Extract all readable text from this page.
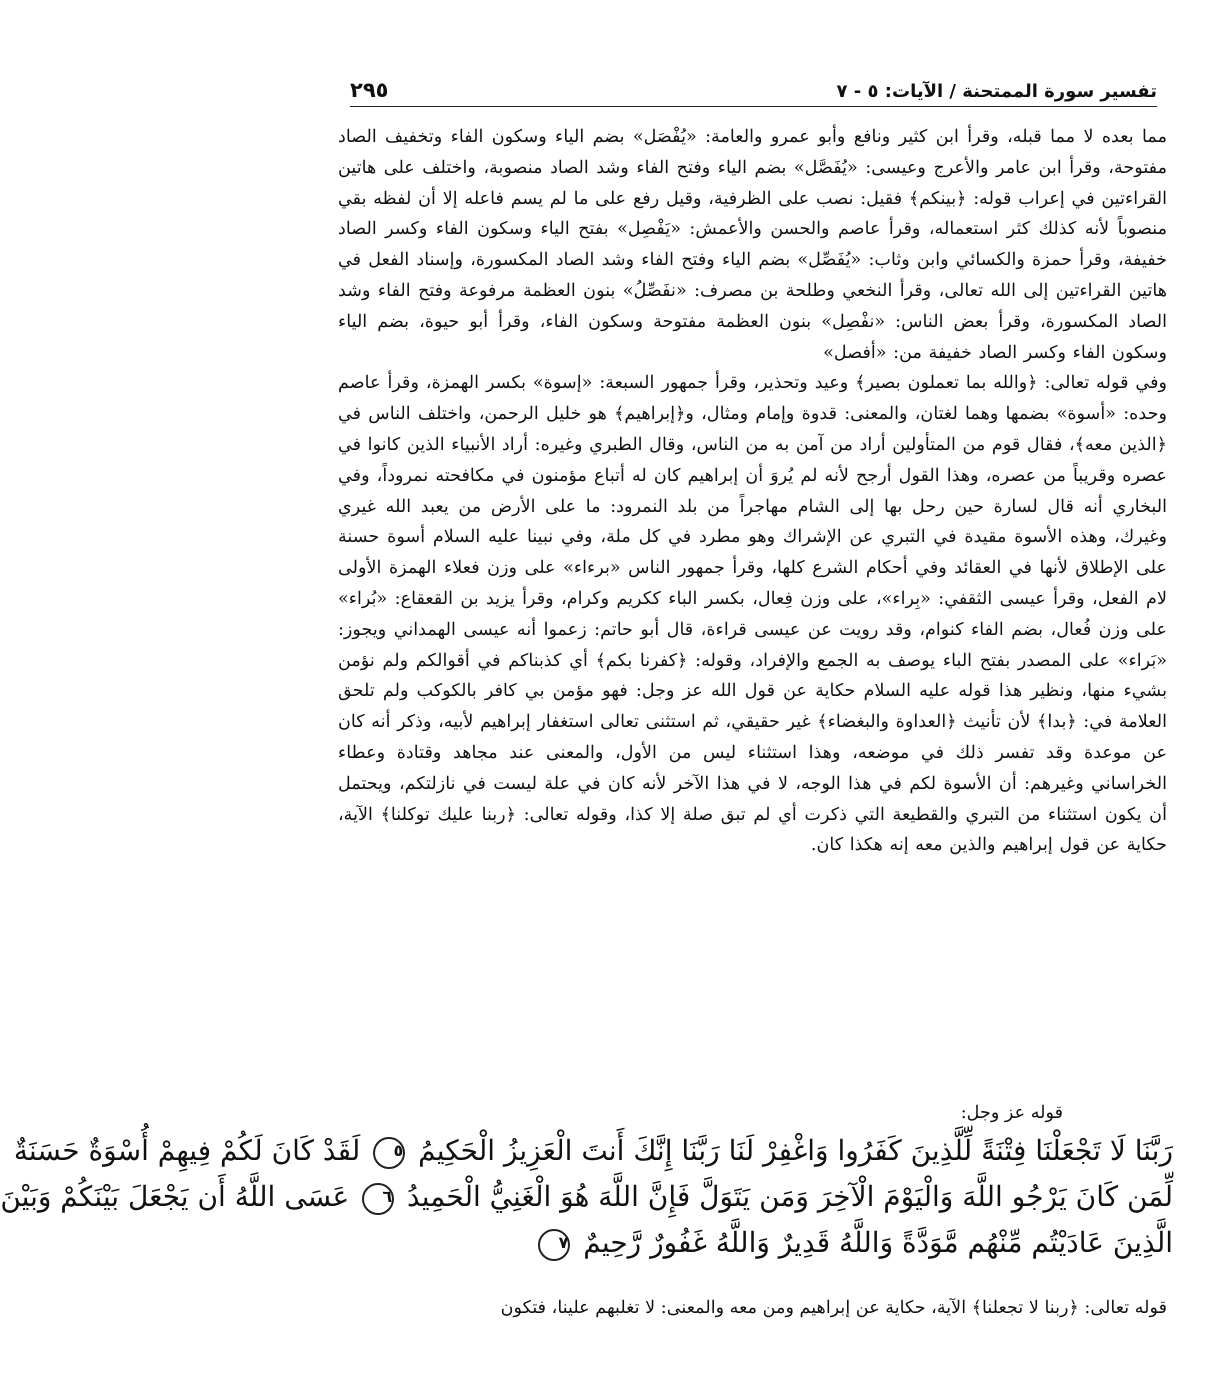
تفسير سورة الممتحنة / الآيات: ٥ - ٧
٢٩٥

مما بعده لا مما قبله، وقرأ ابن كثير ونافع وأبو عمرو والعامة: «يُفْصَل» بضم الياء وسكون الفاء وتخفيف الصاد مفتوحة، وقرأ ابن عامر والأعرج وعيسى: «يُفَصَّل» بضم الياء وفتح الفاء وشد الصاد منصوبة، واختلف على هاتين القراءتين في إعراب قوله: ﴿بينكم﴾ فقيل: نصب على الظرفية، وقيل رفع على ما لم يسم فاعله إلا أن لفظه بقي منصوباً لأنه كذلك كثر استعماله، وقرأ عاصم والحسن والأعمش: «يَفْصِل» بفتح الياء وسكون الفاء وكسر الصاد خفيفة، وقرأ حمزة والكسائي وابن وثاب: «يُفَصِّل» بضم الياء وفتح الفاء وشد الصاد المكسورة، وإسناد الفعل في هاتين القراءتين إلى الله تعالى، وقرأ النخعي وطلحة بن مصرف: «نفَصِّلُ» بنون العظمة مرفوعة وفتح الفاء وشد الصاد المكسورة، وقرأ بعض الناس: «نفْصِل» بنون العظمة مفتوحة وسكون الفاء، وقرأ أبو حيوة، بضم الياء وسكون الفاء وكسر الصاد خفيفة من: «أفصل»

وفي قوله تعالى: ﴿والله بما تعملون بصير﴾ وعيد وتحذير، وقرأ جمهور السبعة: «إسوة» بكسر الهمزة، وقرأ عاصم وحده: «أسوة» بضمها وهما لغتان، والمعنى: قدوة وإمام ومثال، و﴿إبراهيم﴾ هو خليل الرحمن، واختلف الناس في ﴿الذين معه﴾، فقال قوم من المتأولين أراد من آمن به من الناس، وقال الطبري وغيره: أراد الأنبياء الذين كانوا في عصره وقريباً من عصره، وهذا القول أرجح لأنه لم يُروَ أن إبراهيم كان له أتباع مؤمنون في مكافحته نمروداً، وفي البخاري أنه قال لسارة حين رحل بها إلى الشام مهاجراً من بلد النمرود: ما على الأرض من يعبد الله غيري وغيرك، وهذه الأسوة مقيدة في التبري عن الإشراك وهو مطرد في كل ملة، وفي نبينا عليه السلام أسوة حسنة على الإطلاق لأنها في العقائد وفي أحكام الشرع كلها، وقرأ جمهور الناس «برءاء» على وزن فعلاء الهمزة الأولى لام الفعل، وقرأ عيسى الثقفي: «بِراء»، على وزن فِعال، بكسر الباء ككريم وكرام، وقرأ يزيد بن القعقاع: «بُراء» على وزن فُعال، بضم الفاء كنوام، وقد رويت عن عيسى قراءة، قال أبو حاتم: زعموا أنه عيسى الهمداني ويجوز: «بَراء» على المصدر بفتح الباء يوصف به الجمع والإفراد، وقوله: ﴿كفرنا بكم﴾ أي كذبناكم في أقوالكم ولم نؤمن بشيء منها، ونظير هذا قوله عليه السلام حكاية عن قول الله عز وجل: فهو مؤمن بي كافر بالكوكب ولم تلحق العلامة في: ﴿بدا﴾ لأن تأنيث ﴿العداوة والبغضاء﴾ غير حقيقي، ثم استثنى تعالى استغفار إبراهيم لأبيه، وذكر أنه كان عن موعدة وقد تفسر ذلك في موضعه، وهذا استثناء ليس من الأول، والمعنى عند مجاهد وقتادة وعطاء الخراساني وغيرهم: أن الأسوة لكم في هذا الوجه، لا في هذا الآخر لأنه كان في علة ليست في نازلتكم، ويحتمل أن يكون استثناء من التبري والقطيعة التي ذكرت أي لم تبق صلة إلا كذا، وقوله تعالى: ﴿ربنا عليك توكلنا﴾ الآية، حكاية عن قول إبراهيم والذين معه إنه هكذا كان.

قوله عز وجل:
رَبَّنَا لَا تَجْعَلْنَا فِتْنَةً لِّلَّذِينَ كَفَرُوا وَاغْفِرْ لَنَا رَبَّنَا إِنَّكَ أَنتَ الْعَزِيزُ الْحَكِيمُ ٥ لَقَدْ كَانَ لَكُمْ فِيهِمْ أُسْوَةٌ حَسَنَةٌ
لِّمَن كَانَ يَرْجُو اللَّهَ وَالْيَوْمَ الْآخِرَ وَمَن يَتَوَلَّ فَإِنَّ اللَّهَ هُوَ الْغَنِيُّ الْحَمِيدُ ٦ عَسَى اللَّهُ أَن يَجْعَلَ بَيْنَكُمْ وَبَيْنَ
الَّذِينَ عَادَيْتُم مِّنْهُم مَّوَدَّةً وَاللَّهُ قَدِيرٌ وَاللَّهُ غَفُورٌ رَّحِيمٌ ٧
قوله تعالى: ﴿ربنا لا تجعلنا﴾ الآية، حكاية عن إبراهيم ومن معه والمعنى: لا تغلبهم علينا، فتكون
